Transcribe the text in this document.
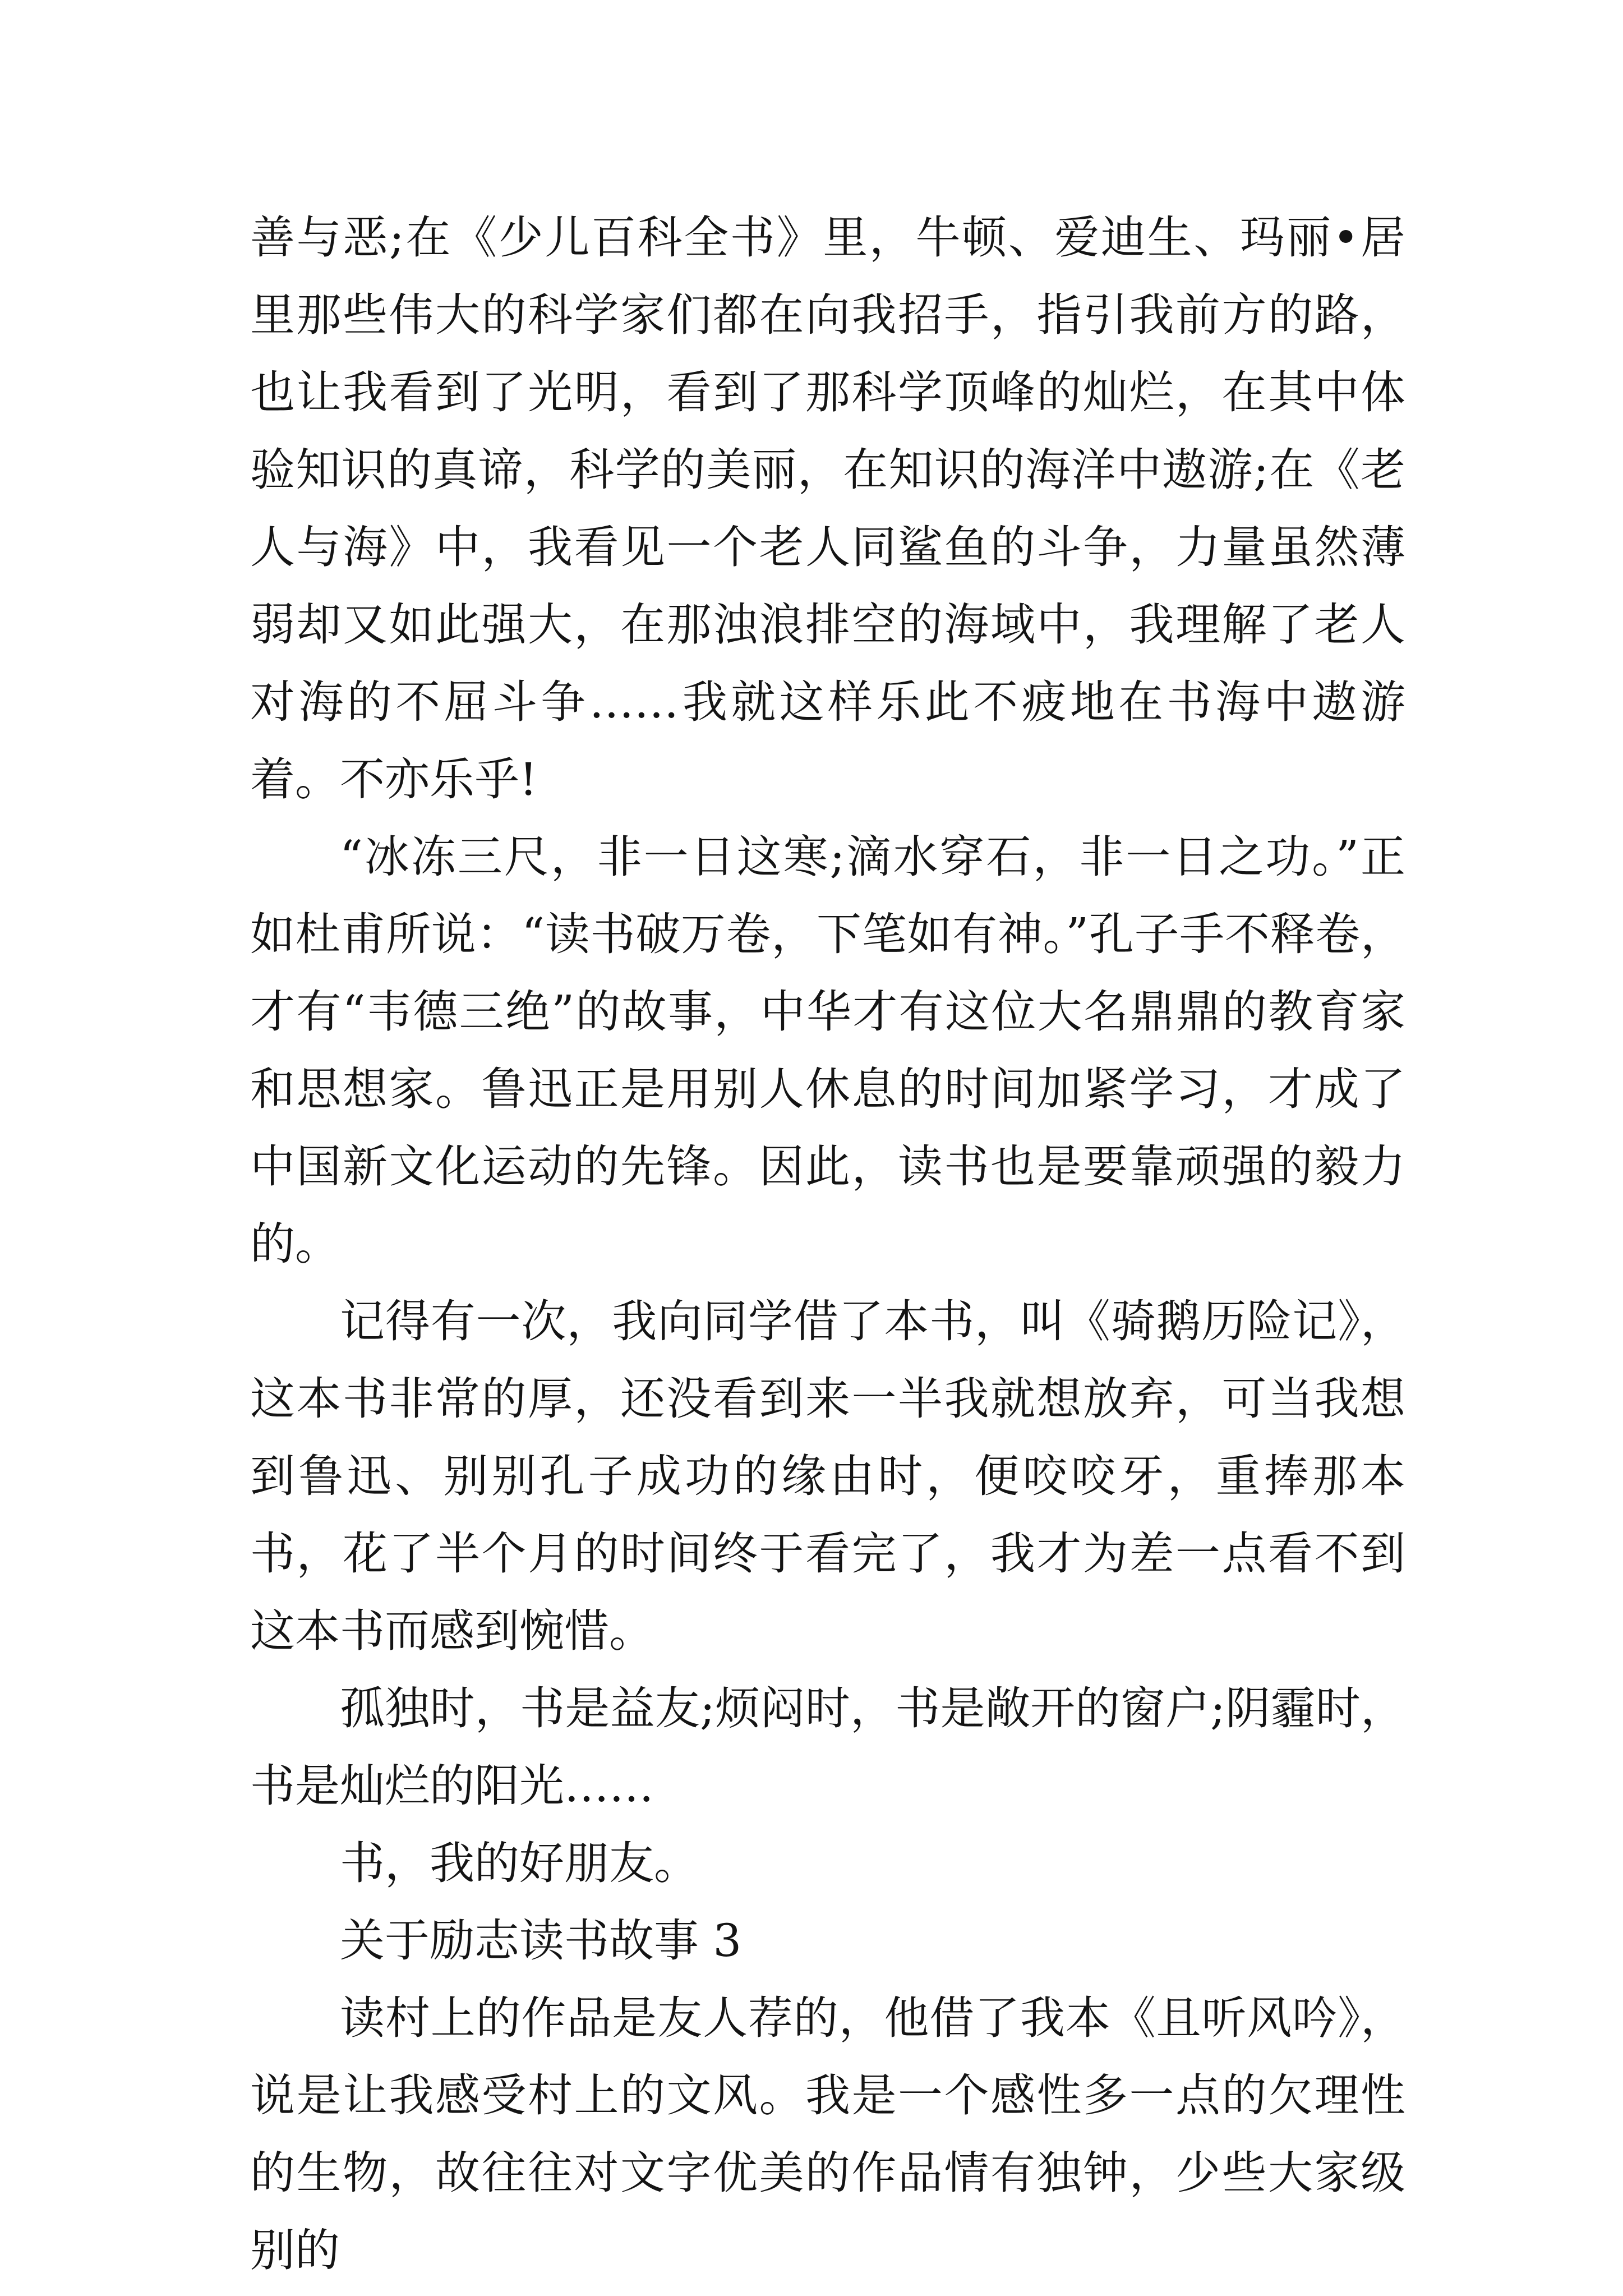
善与恶;在《少儿百科全书》里，牛顿、爱迪生、玛丽•居里那些伟大的科学家们都在向我招手，指引我前方的路，也让我看到了光明，看到了那科学顶峰的灿烂，在其中体验知识的真谛，科学的美丽，在知识的海洋中遨游;在《老人与海》中，我看见一个老人同鲨鱼的斗争，力量虽然薄弱却又如此强大，在那浊浪排空的海域中，我理解了老人对海的不屈斗争……我就这样乐此不疲地在书海中遨游着。不亦乐乎!

“冰冻三尺，非一日这寒;滴水穿石，非一日之功。”正如杜甫所说：“读书破万卷，下笔如有神。”孔子手不释卷，才有“韦德三绝”的故事，中华才有这位大名鼎鼎的教育家和思想家。鲁迅正是用别人休息的时间加紧学习，才成了中国新文化运动的先锋。因此，读书也是要靠顽强的毅力的。

记得有一次，我向同学借了本书，叫《骑鹅历险记》，这本书非常的厚，还没看到来一半我就想放弃，可当我想到鲁迅、别别孔子成功的缘由时，便咬咬牙，重捧那本书，花了半个月的时间终于看完了，我才为差一点看不到这本书而感到惋惜。

孤独时，书是益友;烦闷时，书是敞开的窗户;阴霾时，书是灿烂的阳光……

书，我的好朋友。

关于励志读书故事 3

读村上的作品是友人荐的，他借了我本《且听风吟》，说是让我感受村上的文风。我是一个感性多一点的欠理性的生物，故往往对文字优美的作品情有独钟，少些大家级别的
